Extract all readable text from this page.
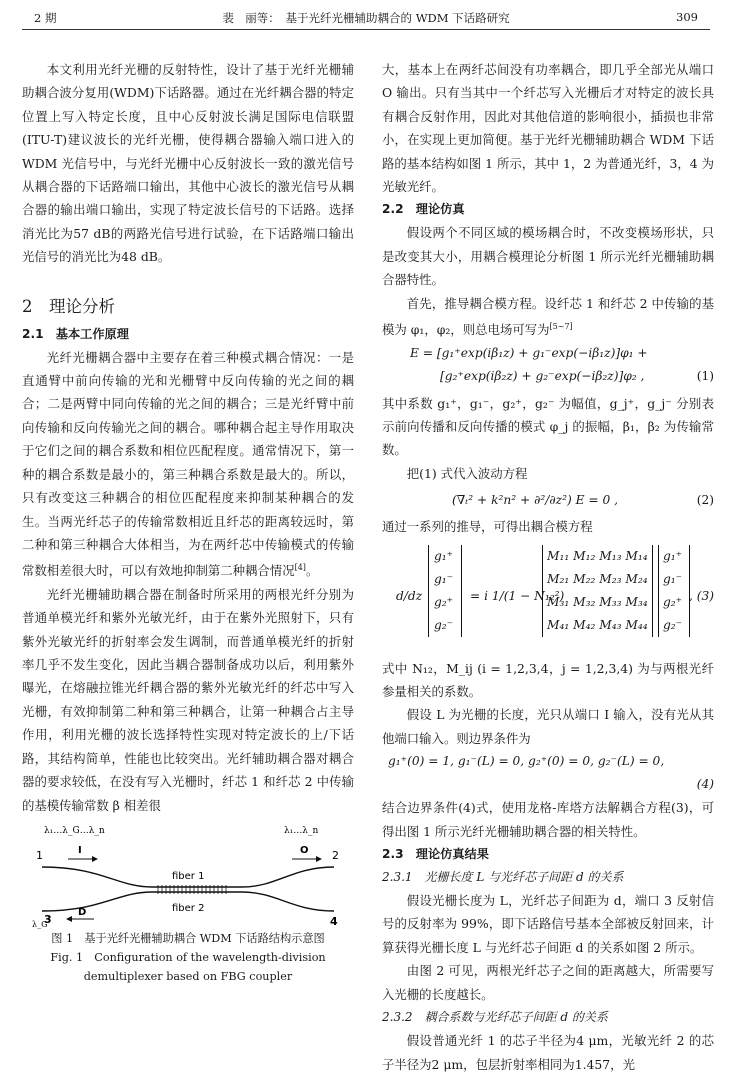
2 期	裴　丽等：　基于光纤光栅辅助耦合的 WDM 下话路研究	309

本文利用光纤光栅的反射特性，设计了基于光纤光栅辅助耦合波分复用(WDM)下话路器。通过在光纤耦合器的特定位置上写入特定长度，且中心反射波长满足国际电信联盟(ITU-T)建议波长的光纤光栅，使得耦合器输入端口进入的 WDM 光信号中，与光纤光栅中心反射波长一致的激光信号从耦合器的下话路端口输出，其他中心波长的激光信号从耦合器的输出端口输出，实现了特定波长信号的下话路。选择消光比为57 dB的两路光信号进行试验，在下话路端口输出光信号的消光比为48 dB。

2　理论分析
2.1　基本工作原理

光纤光栅耦合器中主要存在着三种模式耦合情况：一是直通臂中前向传输的光和光栅臂中反向传输的光之间的耦合；二是两臂中同向传输的光之间的耦合；三是光纤臂中前向传输和反向传输光之间的耦合。哪种耦合起主导作用取决于它们之间的耦合系数和相位匹配程度。通常情况下，第一种的耦合系数是最小的，第三种耦合系数是最大的。所以，只有改变这三种耦合的相位匹配程度来抑制某种耦合的发生。当两光纤芯子的传输常数相近且纤芯的距离较远时，第二种和第三种耦合大体相当，为在两纤芯中传输模式的传输常数相差很大时，可以有效地抑制第二种耦合情况[4]。

光纤光栅辅助耦合器在制备时所采用的两根光纤分别为普通单模光纤和紫外光敏光纤，由于在紫外光照射下，只有紫外光敏光纤的折射率会发生调制，而普通单模光纤的折射率几乎不发生变化，因此当耦合器制备成功以后，利用紫外曝光，在熔融拉锥光纤耦合器的紫外光敏光纤的纤芯中写入光栅，有效抑制第二种和第三种耦合，让第一种耦合占主导作用，利用光栅的波长选择特性实现对特定波长的上/下话路，其结构简单，性能也比较突出。光纤辅助耦合器对耦合器的要求较低，在没有写入光栅时，纤芯 1 和纤芯 2 中传输的基模传输常数 β 相差很

λ₁…λ_G…λ_n	λ₁…λ_n
1	2
3	4
I	O
D
λ_G
fiber 1
fiber 2
图 1　基于光纤光栅辅助耦合 WDM 下话路结构示意图
Fig. 1　Configuration of the wavelength-division
demultiplexer based on FBG coupler

大，基本上在两纤芯间没有功率耦合，即几乎全部光从端口 O 输出。只有当其中一个纤芯写入光栅后才对特定的波长具有耦合反射作用，因此对其他信道的影响很小，插损也非常小，在实现上更加简便。基于光纤光栅辅助耦合 WDM 下话路的基本结构如图 1 所示，其中 1，2 为普通光纤，3，4 为光敏光纤。

2.2　理论仿真

假设两个不同区域的模场耦合时，不改变模场形状，只是改变其大小，用耦合模理论分析图 1 所示光纤光栅辅助耦合器特性。

首先，推导耦合模方程。设纤芯 1 和纤芯 2 中传输的基模为 φ₁，φ₂，则总电场可写为[5~7]

E = [g₁⁺exp(iβ₁z) + g₁⁻exp(−iβ₁z)]φ₁ +
[g₂⁺exp(iβ₂z) + g₂⁻exp(−iβ₂z)]φ₂ ,	(1)

其中系数 g₁⁺，g₁⁻，g₂⁺，g₂⁻ 为幅值，g_j⁺，g_j⁻ 分别表示前向传播和反向传播的模式 φ_j 的振幅，β₁，β₂ 为传输常数。

把(1) 式代入波动方程

(∇ₜ² + k²n² + ∂²/∂z²) E = 0 ,	(2)

通过一系列的推导，可得出耦合模方程

d/dz
g₁⁺
g₁⁻
g₂⁺
g₂⁻
= i 1/(1 − N₁₂²)
M₁₁ M₁₂ M₁₃ M₁₄
M₂₁ M₂₂ M₂₃ M₂₄
M₃₁ M₃₂ M₃₃ M₃₄
M₄₁ M₄₂ M₄₃ M₄₄
g₁⁺
g₁⁻
g₂⁺
g₂⁻
, (3)

式中 N₁₂，M_ij (i = 1,2,3,4，j = 1,2,3,4) 为与两根光纤参量相关的系数。

假设 L 为光栅的长度，光只从端口 I 输入，没有光从其他端口输入。则边界条件为

g₁⁺(0) = 1, g₁⁻(L) = 0, g₂⁺(0) = 0, g₂⁻(L) = 0,
(4)

结合边界条件(4)式，使用龙格-库塔方法解耦合方程(3)，可得出图 1 所示光纤光栅辅助耦合器的相关特性。

2.3　理论仿真结果
2.3.1　光栅长度 L 与光纤芯子间距 d 的关系

假设光栅长度为 L，光纤芯子间距为 d，端口 3 反射信号的反射率为 99%，即下话路信号基本全部被反射回来，计算获得光栅长度 L 与光纤芯子间距 d 的关系如图 2 所示。

由图 2 可见，两根光纤芯子之间的距离越大，所需要写入光栅的长度越长。

2.3.2　耦合系数与光纤芯子间距 d 的关系

假设普通光纤 1 的芯子半径为4 μm，光敏光纤 2 的芯子半径为2 μm，包层折射率相同为1.457，光
